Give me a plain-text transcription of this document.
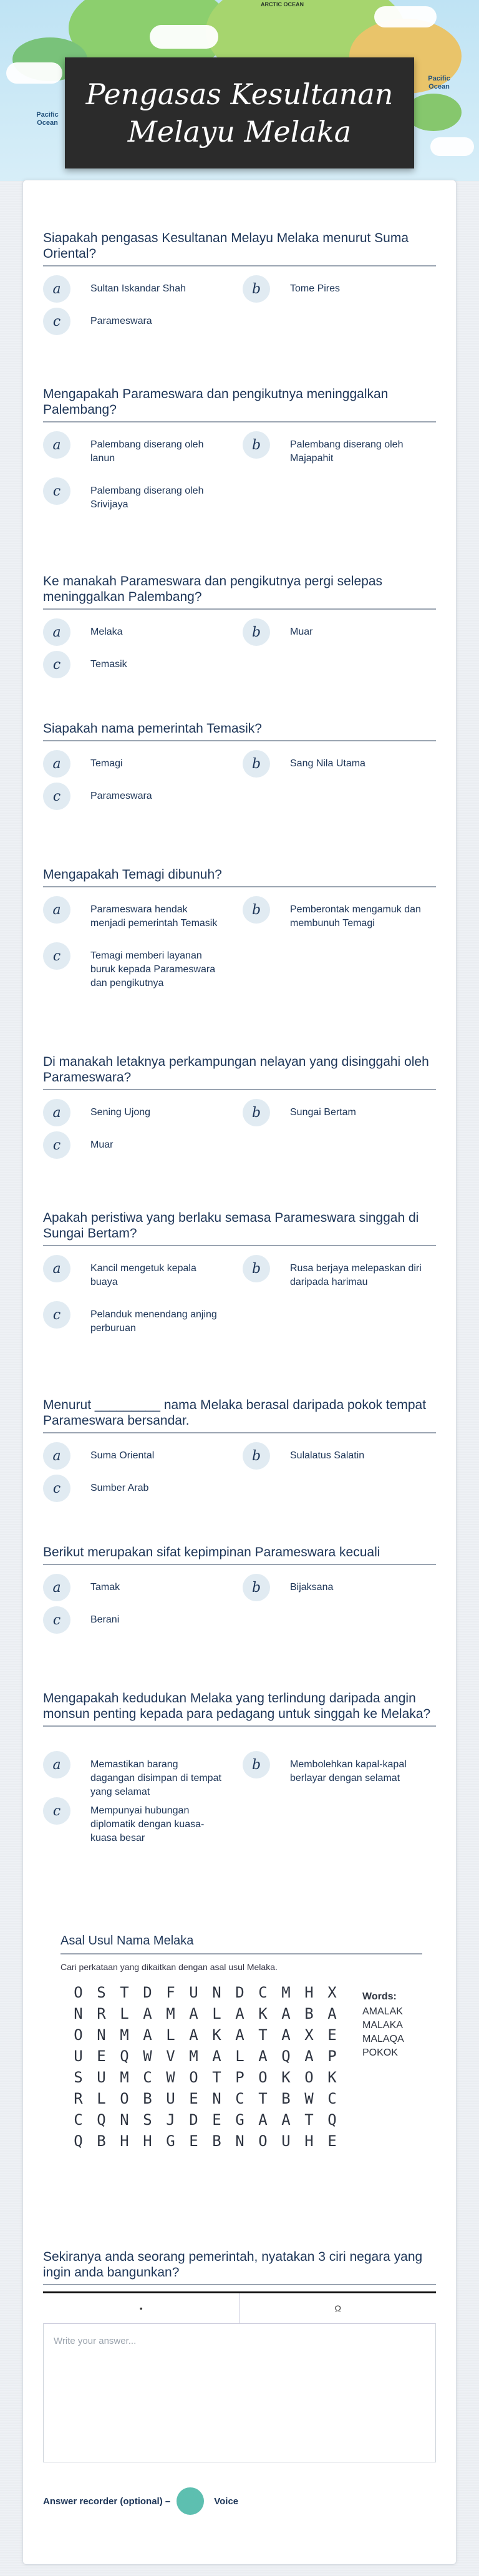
ARCTIC OCEAN
Pacific Ocean
Pacific Ocean
Pengasas Kesultanan Melayu Melaka
Siapakah pengasas Kesultanan Melayu Melaka menurut Suma Oriental?
a	Sultan Iskandar Shah	b	Tome Pires
c	Parameswara
Mengapakah Parameswara dan pengikutnya meninggalkan Palembang?
a	Palembang diserang oleh lanun
b	Palembang diserang oleh Majapahit
c	Palembang diserang oleh Srivijaya
Ke manakah Parameswara dan pengikutnya pergi selepas meninggalkan Palembang?
a	Melaka	b	Muar
c	Temasik
Siapakah nama pemerintah Temasik?
a	Temagi	b	Sang Nila Utama
c	Parameswara
Mengapakah Temagi dibunuh?
a	Parameswara hendak menjadi pemerintah Temasik
b	Pemberontak mengamuk dan membunuh Temagi
c	Temagi memberi layanan buruk kepada Parameswara dan pengikutnya
Di manakah letaknya perkampungan nelayan yang disinggahi oleh Parameswara?
a	Sening Ujong	b	Sungai Bertam
c	Muar
Apakah peristiwa yang berlaku semasa Parameswara singgah di Sungai Bertam?
a	Kancil mengetuk kepala buaya
b	Rusa berjaya melepaskan diri daripada harimau
c	Pelanduk menendang anjing perburuan
Menurut _________ nama Melaka berasal daripada pokok tempat Parameswara bersandar.
a	Suma Oriental	b	Sulalatus Salatin
c	Sumber Arab
Berikut merupakan sifat kepimpinan Parameswara kecuali
a	Tamak	b	Bijaksana
c	Berani
Mengapakah kedudukan Melaka yang terlindung daripada angin monsun penting kepada para pedagang untuk singgah ke Melaka?
a	Memastikan barang dagangan disimpan di tempat yang selamat
b	Membolehkan kapal-kapal berlayar dengan selamat
c	Mempunyai hubungan diplomatik dengan kuasa-kuasa besar
Asal Usul Nama Melaka
Cari perkataan yang dikaitkan dengan asal usul Melaka.
O S T D F U N D C M H X
N R L A M A L A K A B A
O N M A L A K A T A X E
U E Q W V M A L A Q A P
S U M C W O T P O K O K
R L O B U E N C T B W C
C Q N S J D E G A A T Q
Q B H H G E B N O U H E
Words:
AMALAK
MALAKA
MALAQA
POKOK
Sekiranya anda seorang pemerintah, nyatakan 3 ciri negara yang ingin anda bangunkan?
•	Ω
Write your answer...
Answer recorder (optional) –	Voice
